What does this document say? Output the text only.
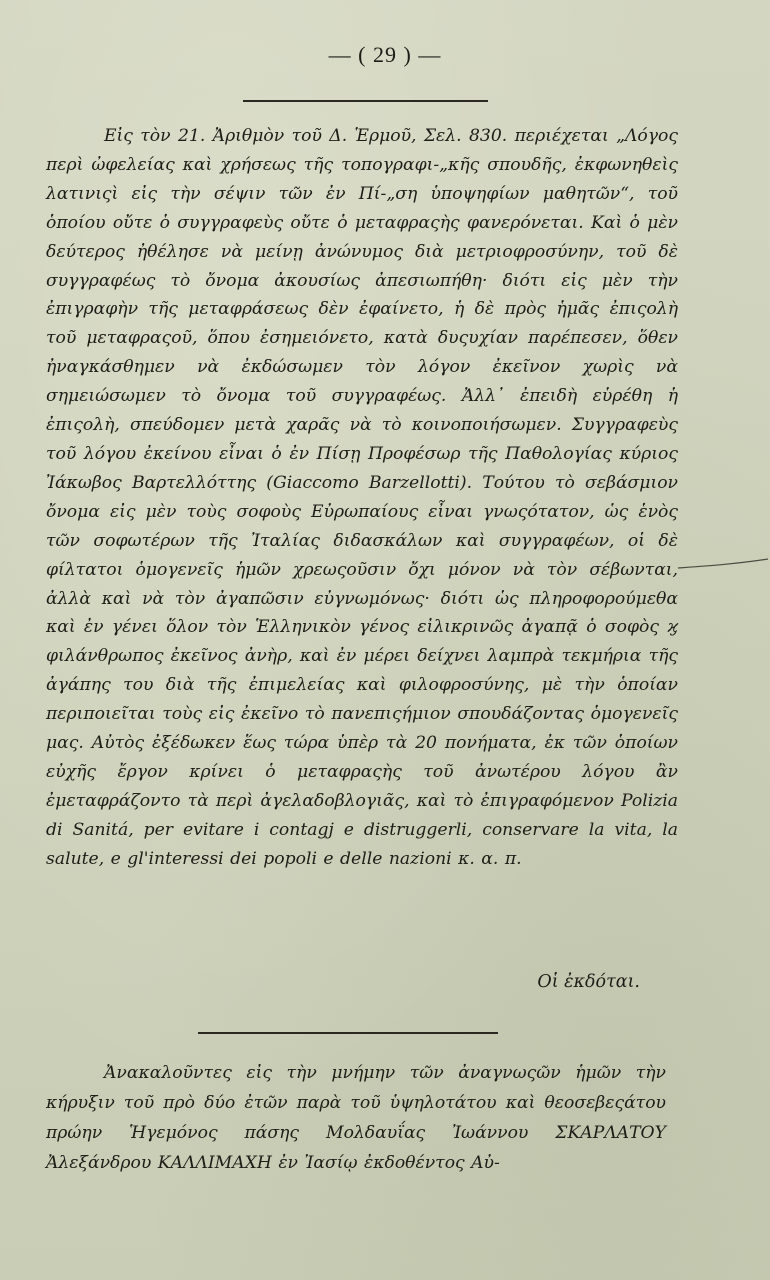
— ( 29 ) —

Εἰς τὸν 21. Ἀριθμὸν τοῦ Δ. Ἑρμοῦ, Σελ. 830. περιέχεται „Λόγος περὶ ὠφελείας καὶ χρήσεως τῆς τοπογραφι-„κῆς σπουδῆς, ἐκφωνηθεὶς λατινιςὶ εἰς τὴν σέψιν τῶν ἐν Πί-„ση ὑποψηφίων μαθητῶν“, τοῦ ὁποίου οὔτε ὁ συγγραφεὺς οὔτε ὁ μεταφραςὴς φανερόνεται. Καὶ ὁ μὲν δεύτερος ἠθέλησε νὰ μείνῃ ἀνώνυμος διὰ μετριοφροσύνην, τοῦ δὲ συγγραφέως τὸ ὄνομα ἀκουσίως ἀπεσιωπήθη· διότι εἰς μὲν τὴν ἐπιγραφὴν τῆς μεταφράσεως δὲν ἐφαίνετο, ἡ δὲ πρὸς ἡμᾶς ἐπιςολὴ τοῦ μεταφραςοῦ, ὅπου ἐσημειόνετο, κατὰ δυςυχίαν παρέπεσεν, ὅθεν ἠναγκάσθημεν νὰ ἐκδώσωμεν τὸν λόγον ἐκεῖνον χωρὶς νὰ σημειώσωμεν τὸ ὄνομα τοῦ συγγραφέως. Ἀλλ᾽ ἐπειδὴ εὑρέθη ἡ ἐπιςολὴ, σπεύδομεν μετὰ χαρᾶς νὰ τὸ κοινοποιήσωμεν. Συγγραφεὺς τοῦ λόγου ἐκείνου εἶναι ὁ ἐν Πίσῃ Προφέσωρ τῆς Παθολογίας κύριος Ἰάκωβος Βαρτελλόττης (Giaccomo Barzellotti). Τούτου τὸ σεβάσμιον ὄνομα εἰς μὲν τοὺς σοφοὺς Εὐρωπαίους εἶναι γνωςότατον, ὡς ἑνὸς τῶν σοφωτέρων τῆς Ἰταλίας διδασκάλων καὶ συγγραφέων, οἱ δὲ φίλτατοι ὁμογενεῖς ἡμῶν χρεωςοῦσιν ὄχι μόνον νὰ τὸν σέβωνται, ἀλλὰ καὶ νὰ τὸν ἀγαπῶσιν εὐγνωμόνως· διότι ὡς πληροφορούμεθα καὶ ἐν γένει ὅλον τὸν Ἑλληνικὸν γένος εἰλικρινῶς ἀγαπᾷ ὁ σοφὸς ϗ φιλάνθρωπος ἐκεῖνος ἀνὴρ, καὶ ἐν μέρει δείχνει λαμπρὰ τεκμήρια τῆς ἀγάπης του διὰ τῆς ἐπιμελείας καὶ φιλοφροσύνης, μὲ τὴν ὁποίαν περιποιεῖται τοὺς εἰς ἐκεῖνο τὸ πανεπιςήμιον σπουδάζοντας ὁμογενεῖς μας. Αὐτὸς ἐξέδωκεν ἕως τώρα ὑπὲρ τὰ 20 πονήματα, ἐκ τῶν ὁποίων εὐχῆς ἔργον κρίνει ὁ μεταφραςὴς τοῦ ἀνωτέρου λόγου ἂν ἐμεταφράζοντο τὰ περὶ ἀγελαδοβλογιᾶς, καὶ τὸ ἐπιγραφόμενον Polizia di Sanitá, per evitare i contagj e distruggerli, conservare la vita, la salute, e gl'interessi dei popoli e delle nazioni κ. α. π.

Οἱ ἐκδόται.

Ἀνακαλοῦντες εἰς τὴν μνήμην τῶν ἀναγνωςῶν ἡμῶν τὴν κήρυξιν τοῦ πρὸ δύο ἐτῶν παρὰ τοῦ ὑψηλοτάτου καὶ θεοσεβεςάτου πρώην Ἡγεμόνος πάσης Μολδαυΐας Ἰωάννου ΣΚΑΡΛΑΤΟΥ Ἀλεξάνδρου ΚΑΛΛΙΜΑΧΗ ἐν Ἰασίῳ ἐκδοθέντος Αὐ-
